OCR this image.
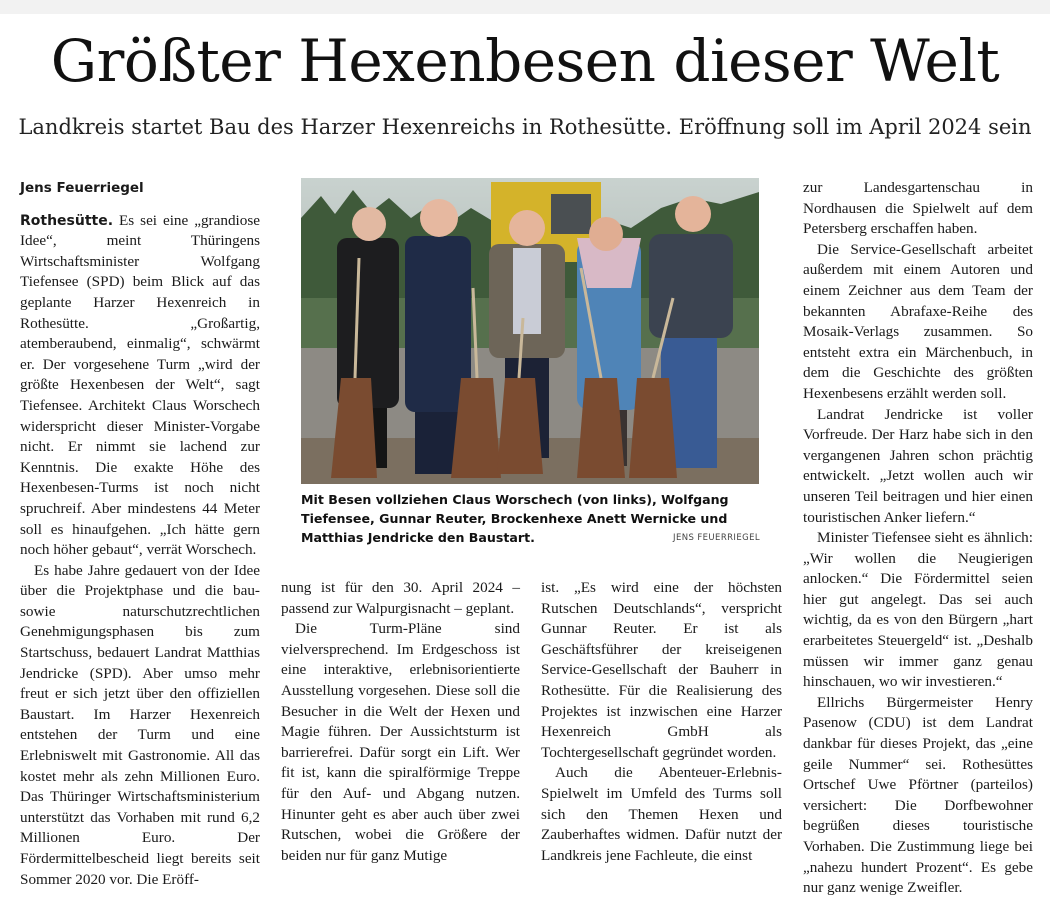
Größter Hexenbesen dieser Welt
Landkreis startet Bau des Harzer Hexenreichs in Rothesütte. Eröffnung soll im April 2024 sein
Jens Feuerriegel

Rothesütte. Es sei eine „grandiose Idee“, meint Thüringens Wirtschaftsminister Wolfgang Tiefensee (SPD) beim Blick auf das geplante Harzer Hexenreich in Rothesütte. „Großartig, atemberaubend, einmalig“, schwärmt er. Der vorgesehene Turm „wird der größte Hexenbesen der Welt“, sagt Tiefensee. Architekt Claus Worschech widerspricht dieser Minister-Vorgabe nicht. Er nimmt sie lachend zur Kenntnis. Die exakte Höhe des Hexenbesen-Turms ist noch nicht spruchreif. Aber mindestens 44 Meter soll es hinaufgehen. „Ich hätte gern noch höher gebaut“, verrät Worschech.

Es habe Jahre gedauert von der Idee über die Projektphase und die bau- sowie naturschutzrechtlichen Genehmigungsphasen bis zum Startschuss, bedauert Landrat Matthias Jendricke (SPD). Aber umso mehr freut er sich jetzt über den offiziellen Baustart. Im Harzer Hexenreich entstehen der Turm und eine Erlebniswelt mit Gastronomie. All das kostet mehr als zehn Millionen Euro. Das Thüringer Wirtschaftsministerium unterstützt das Vorhaben mit rund 6,2 Millionen Euro. Der Fördermittelbescheid liegt bereits seit Sommer 2020 vor. Die Eröff-

Mit Besen vollziehen Claus Worschech (von links), Wolfgang Tiefensee, Gunnar Reuter, Brockenhexe Anett Wernicke und Matthias Jendricke den Baustart.	JENS FEUERRIEGEL

nung ist für den 30. April 2024 – passend zur Walpurgisnacht – geplant.

Die Turm-Pläne sind vielversprechend. Im Erdgeschoss ist eine interaktive, erlebnisorientierte Ausstellung vorgesehen. Diese soll die Besucher in die Welt der Hexen und Magie führen. Der Aussichtsturm ist barrierefrei. Dafür sorgt ein Lift. Wer fit ist, kann die spiralförmige Treppe für den Auf- und Abgang nutzen. Hinunter geht es aber auch über zwei Rutschen, wobei die Größere der beiden nur für ganz Mutige

ist. „Es wird eine der höchsten Rutschen Deutschlands“, verspricht Gunnar Reuter. Er ist als Geschäftsführer der kreiseigenen Service-Gesellschaft der Bauherr in Rothesütte. Für die Realisierung des Projektes ist inzwischen eine Harzer Hexenreich GmbH als Tochtergesellschaft gegründet worden.

Auch die Abenteuer-Erlebnis-Spielwelt im Umfeld des Turms soll sich den Themen Hexen und Zauberhaftes widmen. Dafür nutzt der Landkreis jene Fachleute, die einst

zur Landesgartenschau in Nordhausen die Spielwelt auf dem Petersberg erschaffen haben.

Die Service-Gesellschaft arbeitet außerdem mit einem Autoren und einem Zeichner aus dem Team der bekannten Abrafaxe-Reihe des Mosaik-Verlags zusammen. So entsteht extra ein Märchenbuch, in dem die Geschichte des größten Hexenbesens erzählt werden soll.

Landrat Jendricke ist voller Vorfreude. Der Harz habe sich in den vergangenen Jahren schon prächtig entwickelt. „Jetzt wollen auch wir unseren Teil beitragen und hier einen touristischen Anker liefern.“

Minister Tiefensee sieht es ähnlich: „Wir wollen die Neugierigen anlocken.“ Die Fördermittel seien hier gut angelegt. Das sei auch wichtig, da es von den Bürgern „hart erarbeitetes Steuergeld“ ist. „Deshalb müssen wir immer ganz genau hinschauen, wo wir investieren.“

Ellrichs Bürgermeister Henry Pasenow (CDU) ist dem Landrat dankbar für dieses Projekt, das „eine geile Nummer“ sei. Rothesüttes Ortschef Uwe Pförtner (parteilos) versichert: Die Dorfbewohner begrüßen dieses touristische Vorhaben. Die Zustimmung liege bei „nahezu hundert Prozent“. Es gebe nur ganz wenige Zweifler.
